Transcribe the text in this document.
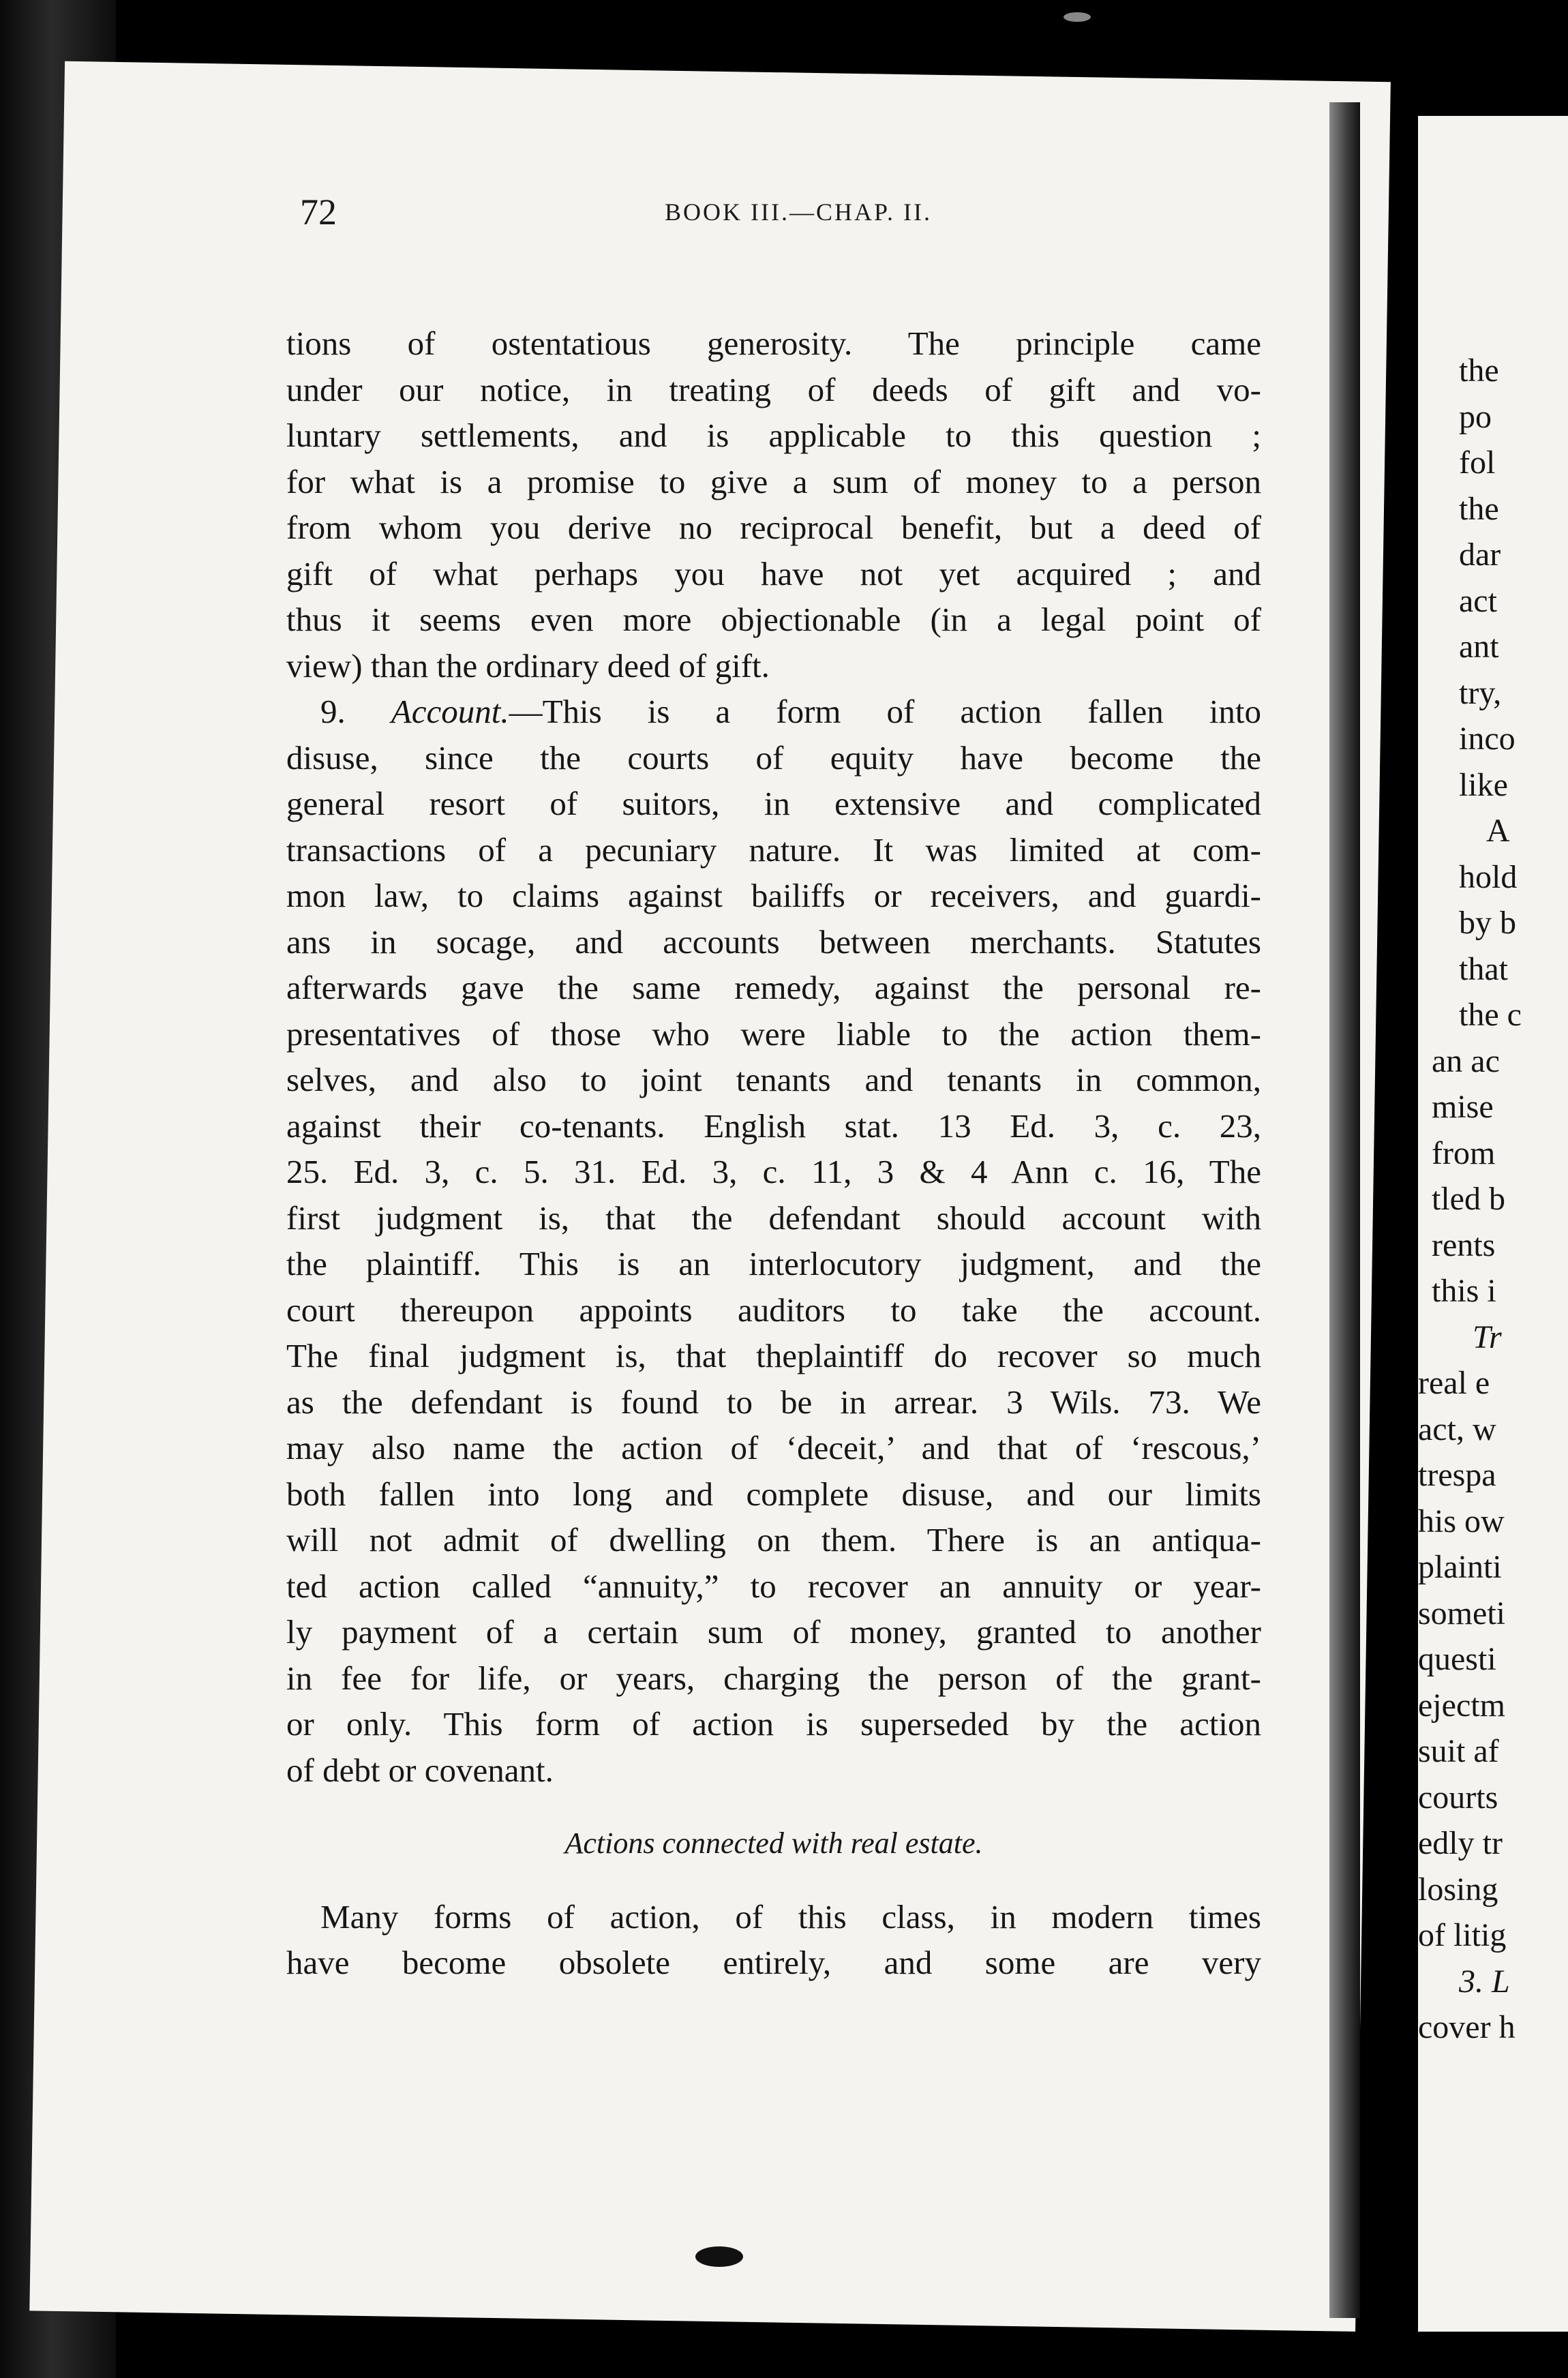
the
po
fol
the
dar
act
ant
try,
inco
like
A
hold
by b
that
the c
an ac
mise
from
tled b
rents
this i
Tr
real e
act, w
trespa
his ow
plainti
someti
questi
ejectm
suit af
courts
edly tr
losing
of litig
3. L
cover h
72	BOOK III.—CHAP. II.
tions of ostentatious generosity. The principle came
under our notice, in treating of deeds of gift and vo-
luntary settlements, and is applicable to this question ;
for what is a promise to give a sum of money to a person
from whom you derive no reciprocal benefit, but a deed of
gift of what perhaps you have not yet acquired ; and
thus it seems even more objectionable (in a legal point of
view) than the ordinary deed of gift.
9. Account.—This is a form of action fallen into
disuse, since the courts of equity have become the
general resort of suitors, in extensive and complicated
transactions of a pecuniary nature. It was limited at com-
mon law, to claims against bailiffs or receivers, and guardi-
ans in socage, and accounts between merchants. Statutes
afterwards gave the same remedy, against the personal re-
presentatives of those who were liable to the action them-
selves, and also to joint tenants and tenants in common,
against their co-tenants. English stat. 13 Ed. 3, c. 23,
25. Ed. 3, c. 5. 31. Ed. 3, c. 11, 3 & 4 Ann c. 16, The
first judgment is, that the defendant should account with
the plaintiff. This is an interlocutory judgment, and the
court thereupon appoints auditors to take the account.
The final judgment is, that theplaintiff do recover so much
as the defendant is found to be in arrear. 3 Wils. 73. We
may also name the action of ‘deceit,’ and that of ‘rescous,’
both fallen into long and complete disuse, and our limits
will not admit of dwelling on them. There is an antiqua-
ted action called “annuity,” to recover an annuity or year-
ly payment of a certain sum of money, granted to another
in fee for life, or years, charging the person of the grant-
or only. This form of action is superseded by the action
of debt or covenant.
Actions connected with real estate.
Many forms of action, of this class, in modern times
have become obsolete entirely, and some are very
